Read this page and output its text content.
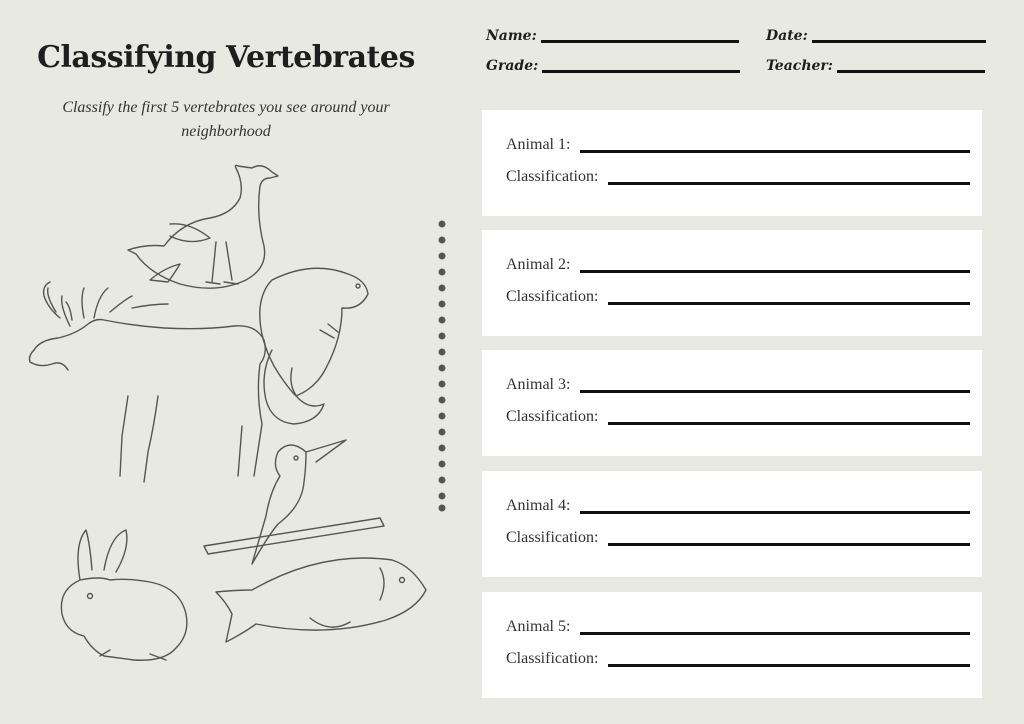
Classifying Vertebrates
Classify the first 5 vertebrates you see around your neighborhood
Name:	Date:
Grade:	Teacher:
Animal 1:
Classification:
Animal 2:
Classification:
Animal 3:
Classification:
Animal 4:
Classification:
Animal 5:
Classification:
